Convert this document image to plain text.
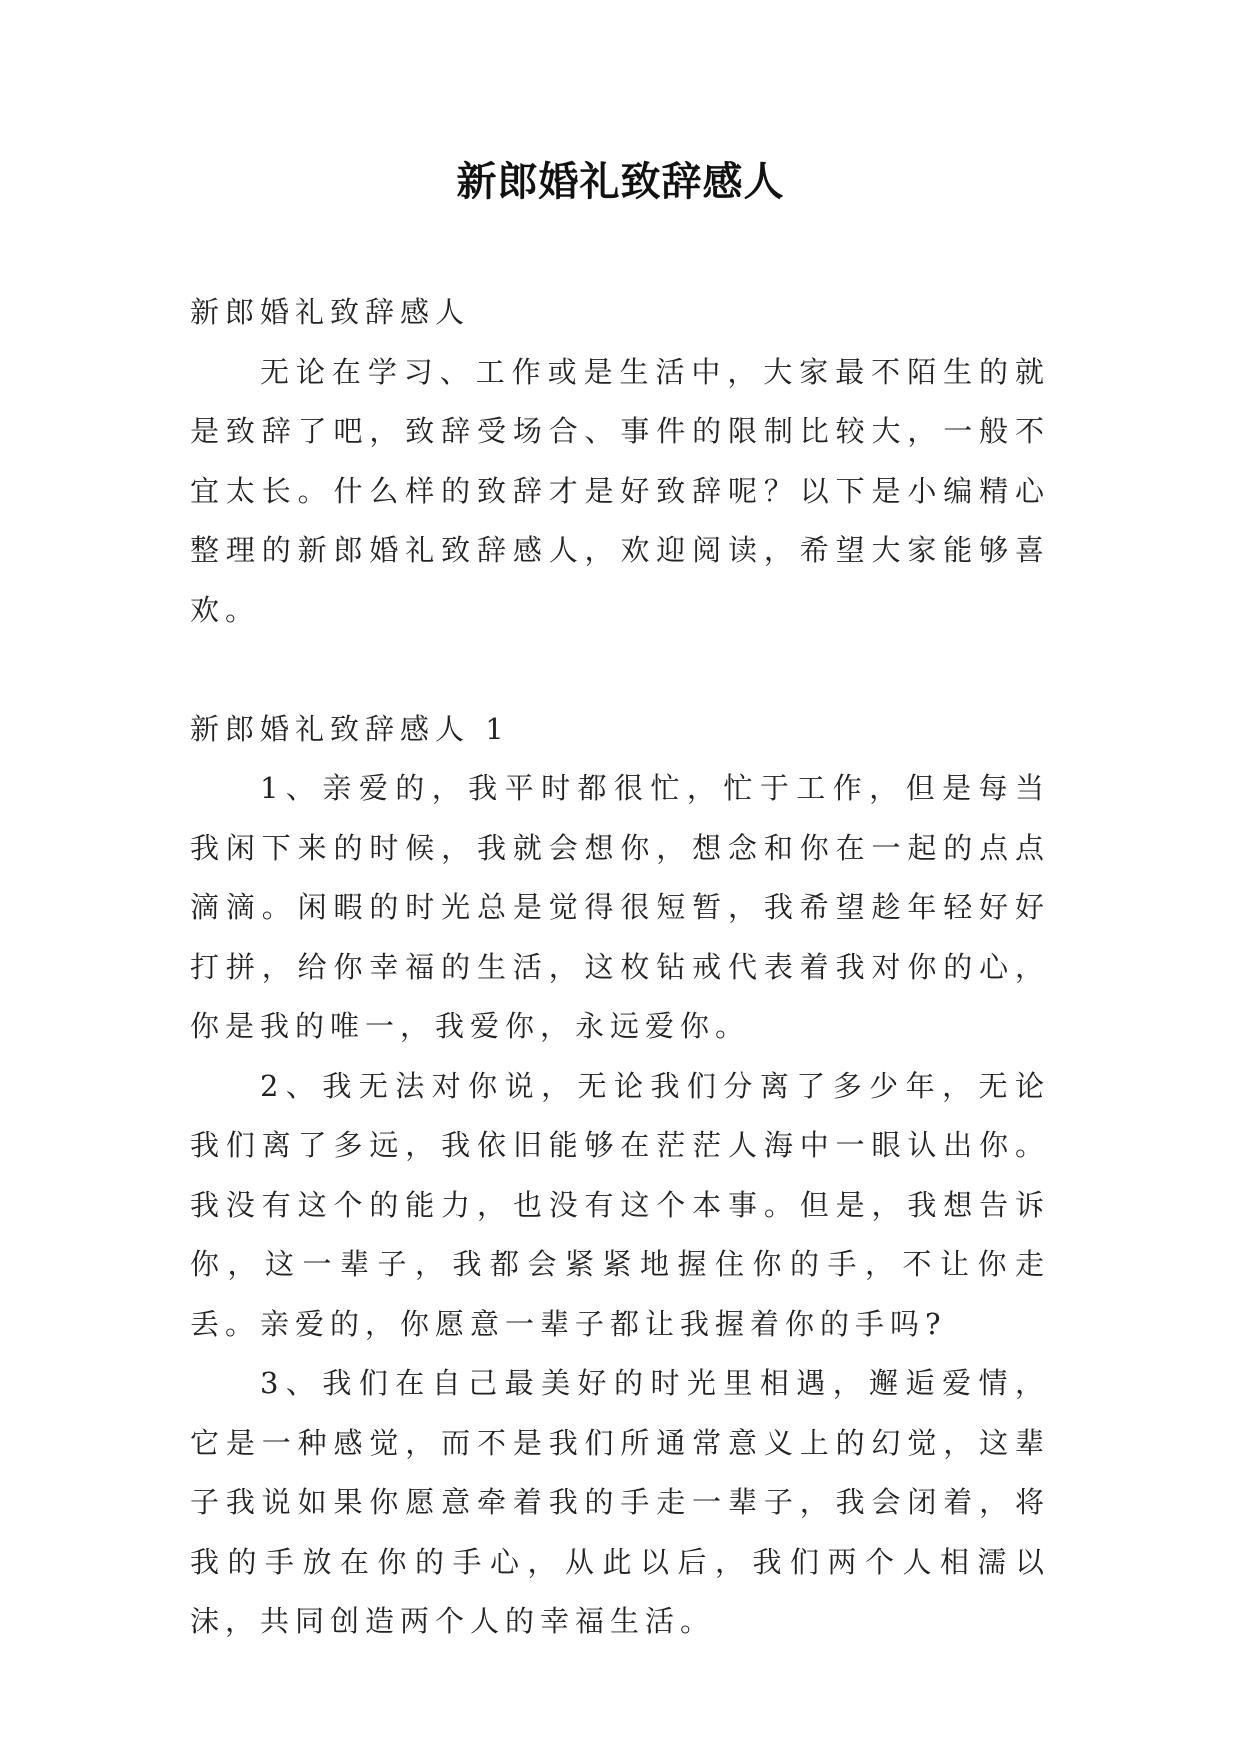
新郎婚礼致辞感人

新郎婚礼致辞感人

无论在学习、工作或是生活中，大家最不陌生的就是致辞了吧，致辞受场合、事件的限制比较大，一般不宜太长。什么样的致辞才是好致辞呢？以下是小编精心整理的新郎婚礼致辞感人，欢迎阅读，希望大家能够喜欢。

新郎婚礼致辞感人 1

1、亲爱的，我平时都很忙，忙于工作，但是每当我闲下来的时候，我就会想你，想念和你在一起的点点滴滴。闲暇的时光总是觉得很短暂，我希望趁年轻好好打拼，给你幸福的生活，这枚钻戒代表着我对你的心，你是我的唯一，我爱你，永远爱你。

2、我无法对你说，无论我们分离了多少年，无论我们离了多远，我依旧能够在茫茫人海中一眼认出你。我没有这个的能力，也没有这个本事。但是，我想告诉你，这一辈子，我都会紧紧地握住你的手，不让你走丢。亲爱的，你愿意一辈子都让我握着你的手吗?

3、我们在自己最美好的时光里相遇，邂逅爱情，它是一种感觉，而不是我们所通常意义上的幻觉，这辈子我说如果你愿意牵着我的手走一辈子，我会闭着，将我的手放在你的手心，从此以后，我们两个人相濡以沫，共同创造两个人的幸福生活。
